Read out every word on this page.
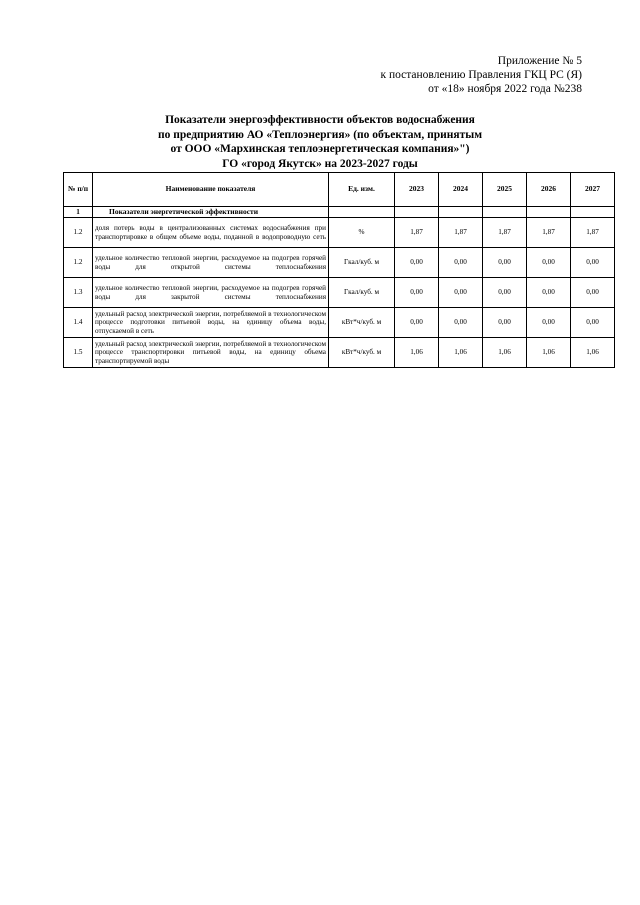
Приложение № 5
к постановлению Правления ГКЦ РС (Я)
от «18» ноября 2022 года №238
Показатели энергоэффективности объектов водоснабжения
по предприятию АО «Теплоэнергия» (по объектам, принятым
от ООО «Мархинская теплоэнергетическая компания»")
ГО «город Якутск» на 2023-2027 годы
№ п/п	Наименование показателя	Ед. изм.	2023	2024	2025	2026	2027
1	Показатели энергетической эффективности						
1.2	доля потерь воды в централизованных системах водоснабжения при транспортировке в общем объеме воды, поданной в водопроводную сеть	%	1,87	1,87	1,87	1,87	1,87
1.2	удельное количество тепловой энергии, расходуемое на подогрев горячей воды для открытой системы теплоснабжения	Гкал/куб. м	0,00	0,00	0,00	0,00	0,00
1.3	удельное количество тепловой энергии, расходуемое на подогрев горячей воды для закрытой системы теплоснабжения	Гкал/куб. м	0,00	0,00	0,00	0,00	0,00
1.4	удельный расход электрической энергии, потребляемой в технологическом процессе подготовки питьевой воды, на единицу объема воды, отпускаемой в сеть	кВт*ч/куб. м	0,00	0,00	0,00	0,00	0,00
1.5	удельный расход электрической энергии, потребляемой в технологическом процессе транспортировки питьевой воды, на единицу объема транспортируемой воды	кВт*ч/куб. м	1,06	1,06	1,06	1,06	1,06
